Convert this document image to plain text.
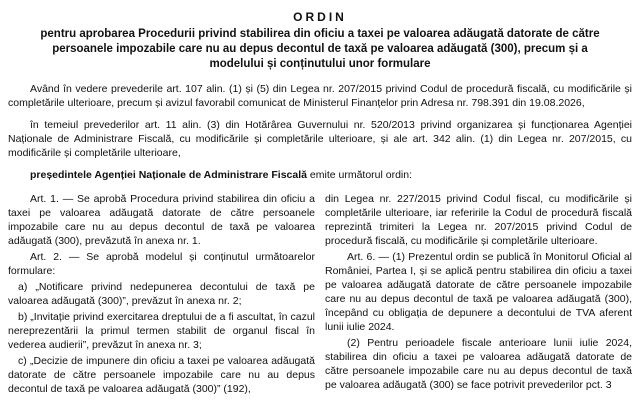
ORDIN
pentru aprobarea Procedurii privind stabilirea din oficiu a taxei pe valoarea adăugată datorate de către persoanele impozabile care nu au depus decontul de taxă pe valoarea adăugată (300), precum și a modelului și conținutului unor formulare

Având în vedere prevederile art. 107 alin. (1) și (5) din Legea nr. 207/2015 privind Codul de procedură fiscală, cu modificările și completările ulterioare, precum și avizul favorabil comunicat de Ministerul Finanțelor prin Adresa nr. 798.391 din 19.08.2026,

în temeiul prevederilor art. 11 alin. (3) din Hotărârea Guvernului nr. 520/2013 privind organizarea și funcționarea Agenției Naționale de Administrare Fiscală, cu modificările și completările ulterioare, și ale art. 342 alin. (1) din Legea nr. 207/2015, cu modificările și completările ulterioare,

președintele Agenției Naționale de Administrare Fiscală emite următorul ordin:

Art. 1. — Se aprobă Procedura privind stabilirea din oficiu a taxei pe valoarea adăugată datorate de către persoanele impozabile care nu au depus decontul de taxă pe valoarea adăugată (300), prevăzută în anexa nr. 1.

Art. 2. — Se aprobă modelul și conținutul următoarelor formulare:

a) „Notificare privind nedepunerea decontului de taxă pe valoarea adăugată (300)”, prevăzut în anexa nr. 2;

b) „Invitație privind exercitarea dreptului de a fi ascultat, în cazul nereprezentării la primul termen stabilit de organul fiscal în vederea audierii”, prevăzut în anexa nr. 3;

c) „Decizie de impunere din oficiu a taxei pe valoarea adăugată datorate de către persoanele impozabile care nu au depus decontul de taxă pe valoarea adăugată (300)” (192),

din Legea nr. 227/2015 privind Codul fiscal, cu modificările și completările ulterioare, iar referirile la Codul de procedură fiscală reprezintă trimiteri la Legea nr. 207/2015 privind Codul de procedură fiscală, cu modificările și completările ulterioare.

Art. 6. — (1) Prezentul ordin se publică în Monitorul Oficial al României, Partea I, și se aplică pentru stabilirea din oficiu a taxei pe valoarea adăugată datorate de către persoanele impozabile care nu au depus decontul de taxă pe valoarea adăugată (300), începând cu obligația de depunere a decontului de TVA aferent lunii iulie 2024.

(2) Pentru perioadele fiscale anterioare lunii iulie 2024, stabilirea din oficiu a taxei pe valoarea adăugată datorate de către persoanele impozabile care nu au depus decontul de taxă pe valoarea adăugată (300) se face potrivit prevederilor pct. 3
